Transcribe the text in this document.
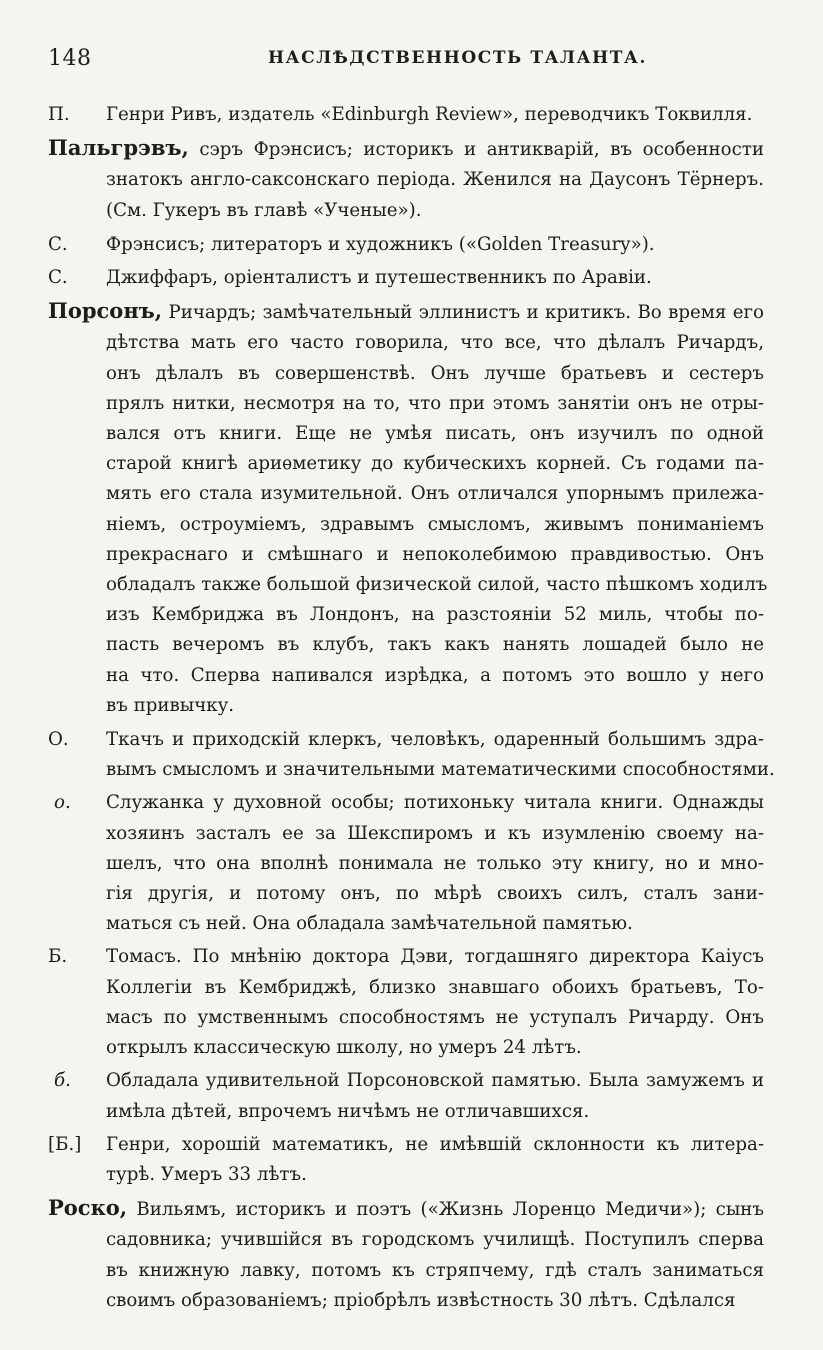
148	НАСЛѢДСТВЕННОСТЬ ТАЛАНТА.
П.	Генри Ривъ, издатель «Edinburgh Review», переводчикъ Токвилля.
Пальгрэвъ, сэръ Фрэнсисъ; историкъ и антикварій, въ особенности
знатокъ англо-саксонскаго періода. Женился на Даусонъ Тёрнеръ.
(См. Гукеръ въ главѣ «Ученые»).
С.	Фрэнсисъ; литераторъ и художникъ («Golden Treasury»).
С.	Джиффаръ, оріенталистъ и путешественникъ по Аравіи.
Порсонъ, Ричардъ; замѣчательный эллинистъ и критикъ. Во время его
дѣтства мать его часто говорила, что все, что дѣлалъ Ричардъ,
онъ дѣлалъ въ совершенствѣ. Онъ лучше братьевъ и сестеръ
прялъ нитки, несмотря на то, что при этомъ занятіи онъ не отры-
вался отъ книги. Еще не умѣя писать, онъ изучилъ по одной
старой книгѣ ариѳметику до кубическихъ корней. Съ годами па-
мять его стала изумительной. Онъ отличался упорнымъ прилежа-
ніемъ, остроуміемъ, здравымъ смысломъ, живымъ пониманіемъ
прекраснаго и смѣшнаго и непоколебимою правдивостью. Онъ
обладалъ также большой физической силой, часто пѣшкомъ ходилъ
изъ Кембриджа въ Лондонъ, на разстояніи 52 миль, чтобы по-
пасть вечеромъ въ клубъ, такъ какъ нанять лошадей было не
на что. Сперва напивался изрѣдка, а потомъ это вошло у него
въ привычку.
О.	Ткачъ и приходскій клеркъ, человѣкъ, одаренный большимъ здра-
вымъ смысломъ и значительными математическими способностями.
о.	Служанка у духовной особы; потихоньку читала книги. Однажды
хозяинъ засталъ ее за Шекспиромъ и къ изумленію своему на-
шелъ, что она вполнѣ понимала не только эту книгу, но и мно-
гія другія, и потому онъ, по мѣрѣ своихъ силъ, сталъ зани-
маться съ ней. Она обладала замѣчательной памятью.
Б.	Томасъ. По мнѣнію доктора Дэви, тогдашняго директора Каіусъ
Коллегіи въ Кембриджѣ, близко знавшаго обоихъ братьевъ, То-
масъ по умственнымъ способностямъ не уступалъ Ричарду. Онъ
открылъ классическую школу, но умеръ 24 лѣтъ.
б.	Обладала удивительной Порсоновской памятью. Была замужемъ и
имѣла дѣтей, впрочемъ ничѣмъ не отличавшихся.
[Б.]	Генри, хорошій математикъ, не имѣвшій склонности къ литера-
турѣ. Умеръ 33 лѣтъ.
Роско, Вильямъ, историкъ и поэтъ («Жизнь Лоренцо Медичи»); сынъ
садовника; учившійся въ городскомъ училищѣ. Поступилъ сперва
въ книжную лавку, потомъ къ стряпчему, гдѣ сталъ заниматься
своимъ образованіемъ; пріобрѣлъ извѣстность 30 лѣтъ. Сдѣлался
